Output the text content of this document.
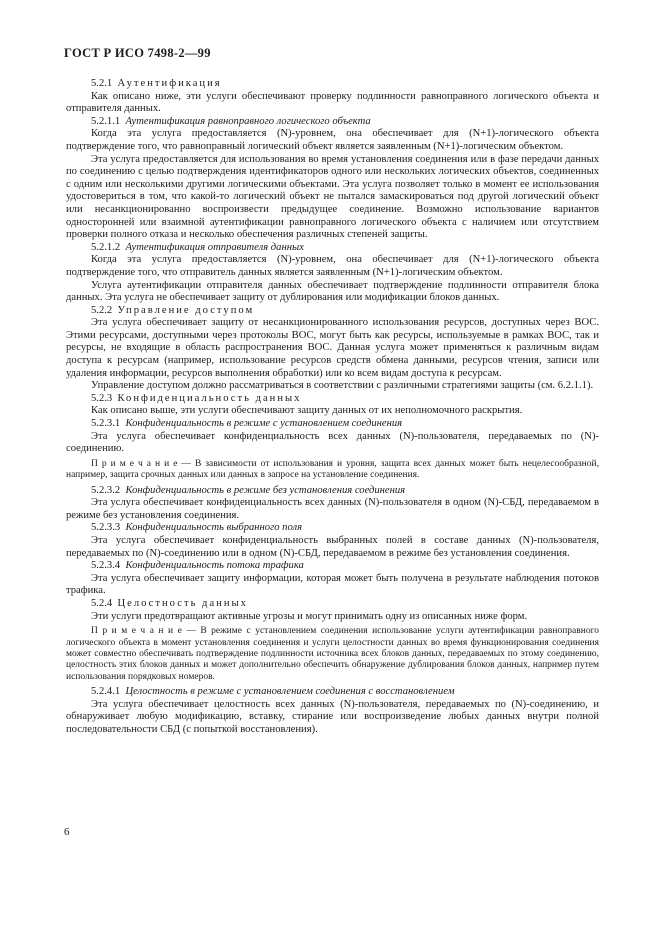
ГОСТ Р ИСО 7498-2—99

5.2.1 Аутентификация

Как описано ниже, эти услуги обеспечивают проверку подлинности равноправного логического объекта и отправителя данных.

5.2.1.1 Аутентификация равноправного логического объекта

Когда эта услуга предоставляется (N)-уровнем, она обеспечивает для (N+1)-логического объекта подтверждение того, что равноправный логический объект является заявленным (N+1)-логическим объектом.

Эта услуга предоставляется для использования во время установления соединения или в фазе передачи данных по соединению с целью подтверждения идентификаторов одного или нескольких логических объектов, соединенных с одним или несколькими другими логическими объектами. Эта услуга позволяет только в момент ее использования удостовериться в том, что какой-то логический объект не пытался замаскироваться под другой логический объект или несанкционированно воспроизвести предыдущее соединение. Возможно использование вариантов односторонней или взаимной аутентификации равноправного логического объекта с наличием или отсутствием проверки полного отказа и несколько обеспечения различных степеней защиты.

5.2.1.2 Аутентификация отправителя данных

Когда эта услуга предоставляется (N)-уровнем, она обеспечивает для (N+1)-логического объекта подтверждение того, что отправитель данных является заявленным (N+1)-логическим объектом.

Услуга аутентификации отправителя данных обеспечивает подтверждение подлинности отправителя блока данных. Эта услуга не обеспечивает защиту от дублирования или модификации блоков данных.

5.2.2 Управление доступом

Эта услуга обеспечивает защиту от несанкционированного использования ресурсов, доступных через ВОС. Этими ресурсами, доступными через протоколы ВОС, могут быть как ресурсы, используемые в рамках ВОС, так и ресурсы, не входящие в область распространения ВОС. Данная услуга может применяться к различным видам доступа к ресурсам (например, использование ресурсов средств обмена данными, ресурсов чтения, записи или удаления информации, ресурсов выполнения обработки) или ко всем видам доступа к ресурсам.

Управление доступом должно рассматриваться в соответствии с различными стратегиями защиты (см. 6.2.1.1).

5.2.3 Конфиденциальность данных

Как описано выше, эти услуги обеспечивают защиту данных от их неполномочного раскрытия.

5.2.3.1 Конфиденциальность в режиме с установлением соединения

Эта услуга обеспечивает конфиденциальность всех данных (N)-пользователя, передаваемых по (N)-соединению.

П р и м е ч а н и е — В зависимости от использования и уровня, защита всех данных может быть нецелесообразной, например, защита срочных данных или данных в запросе на установление соединения.

5.2.3.2 Конфиденциальность в режиме без установления соединения

Эта услуга обеспечивает конфиденциальность всех данных (N)-пользователя в одном (N)-СБД, передаваемом в режиме без установления соединения.

5.2.3.3 Конфиденциальность выбранного поля

Эта услуга обеспечивает конфиденциальность выбранных полей в составе данных (N)-пользователя, передаваемых по (N)-соединению или в одном (N)-СБД, передаваемом в режиме без установления соединения.

5.2.3.4 Конфиденциальность потока трафика

Эта услуга обеспечивает защиту информации, которая может быть получена в результате наблюдения потоков трафика.

5.2.4 Целостность данных

Эти услуги предотвращают активные угрозы и могут принимать одну из описанных ниже форм.

П р и м е ч а н и е — В режиме с установлением соединения использование услуги аутентификации равноправного логического объекта в момент установления соединения и услуги целостности данных во время функционирования соединения может совместно обеспечивать подтверждение подлинности источника всех блоков данных, передаваемых по этому соединению, целостность этих блоков данных и может дополнительно обеспечить обнаружение дублирования блоков данных, например путем использования порядковых номеров.

5.2.4.1 Целостность в режиме с установлением соединения с восстановлением

Эта услуга обеспечивает целостность всех данных (N)-пользователя, передаваемых по (N)-соединению, и обнаруживает любую модификацию, вставку, стирание или воспроизведение любых данных внутри полной последовательности СБД (с попыткой восстановления).

6
